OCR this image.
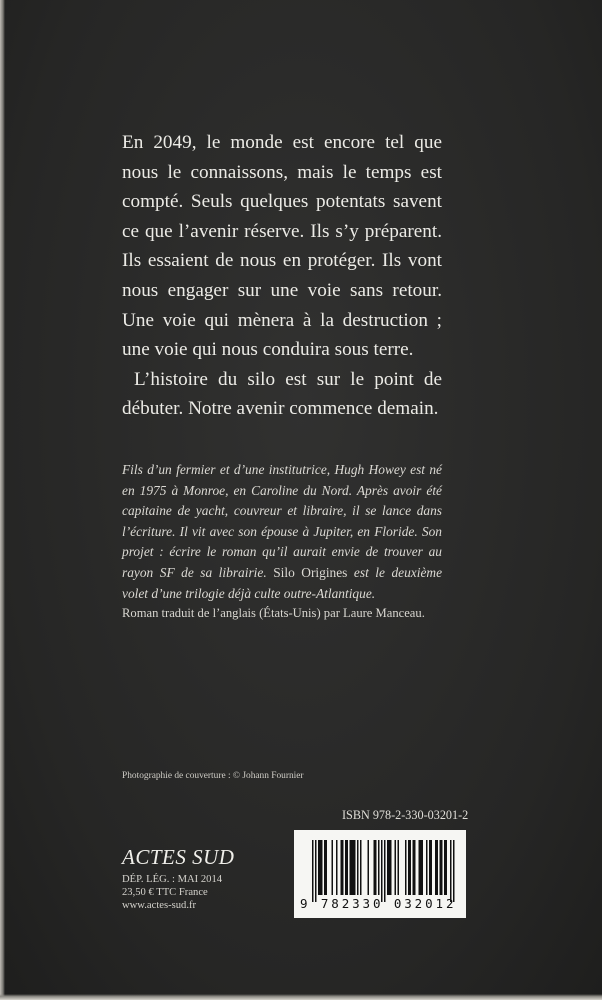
En 2049, le monde est encore tel que nous le connaissons, mais le temps est compté. Seuls quelques potentats savent ce que l’avenir réserve. Ils s’y préparent. Ils essaient de nous en protéger. Ils vont nous engager sur une voie sans retour. Une voie qui mènera à la destruction ; une voie qui nous conduira sous terre.

L’histoire du silo est sur le point de débuter. Notre avenir commence demain.

Fils d’un fermier et d’une institutrice, Hugh Howey est né en 1975 à Monroe, en Caroline du Nord. Après avoir été capitaine de yacht, couvreur et libraire, il se lance dans l’écriture. Il vit avec son épouse à Jupiter, en Floride. Son projet : écrire le roman qu’il aurait envie de trouver au rayon SF de sa librairie. Silo Origines est le deuxième volet d’une trilogie déjà culte outre-Atlantique.
Roman traduit de l’anglais (États-Unis) par Laure Manceau.
Photographie de couverture : © Johann Fournier
ISBN 978-2-330-03201-2
ACTES SUD
DÉP. LÉG. : MAI 2014
23,50 € TTC France
www.actes-sud.fr	9 782330 032012
